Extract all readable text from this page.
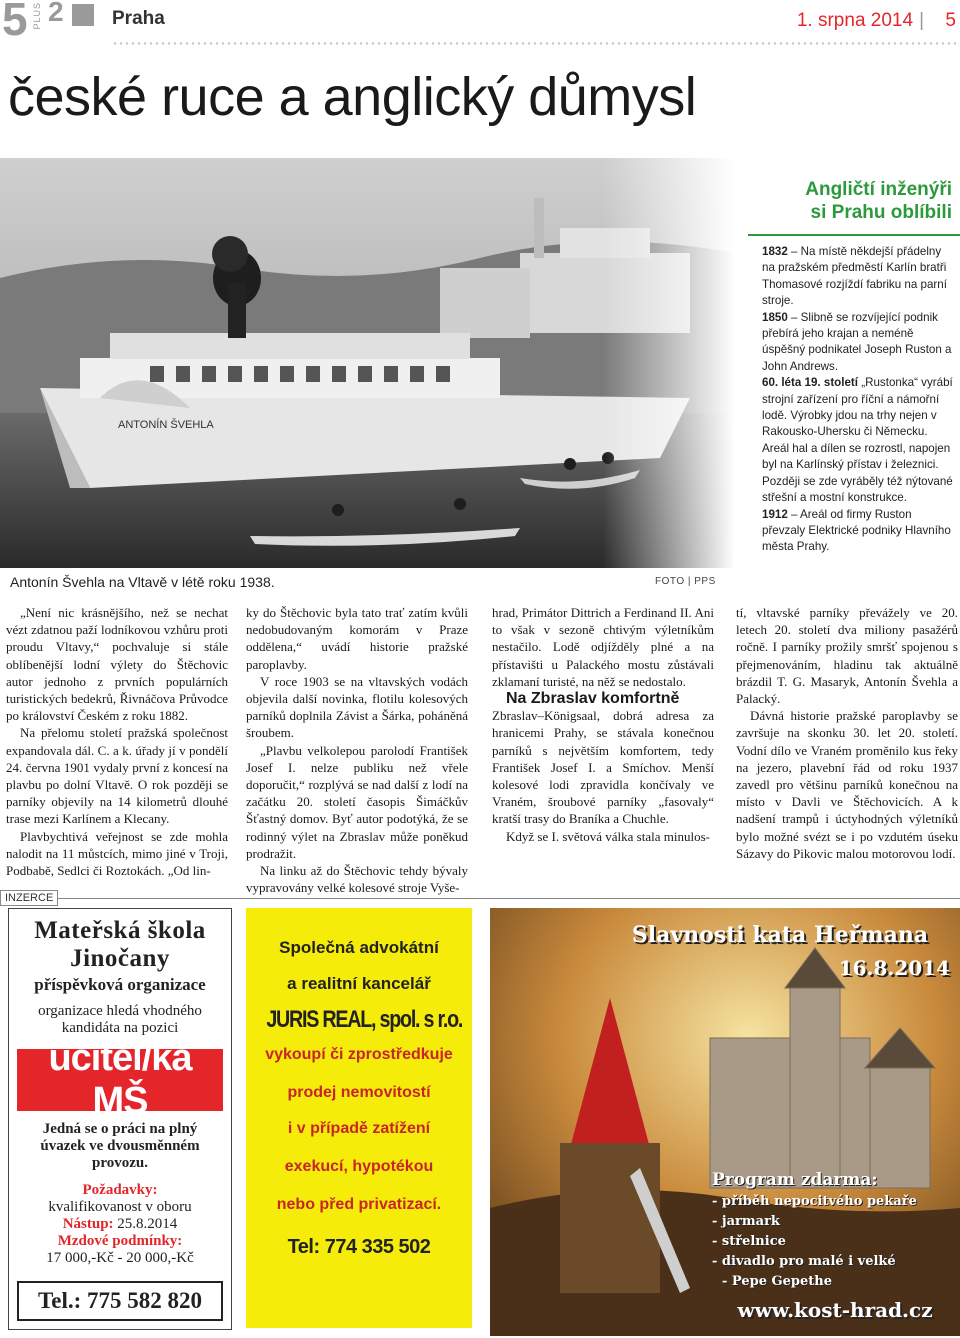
5 PLUS 2	Praha	1. srpna 2014 |	5
české ruce a anglický důmysl
Antonín Švehla na Vltavě v létě roku 1938.	FOTO | PPS
Angličtí inženýři
si Prahu oblíbili
1832 – Na místě někdejší přádelny na pražském předměstí Karlín bratři Thomasové rozjíždí fabriku na parní stroje.
1850 – Slibně se rozvíjející podnik přebírá jeho krajan a neméně úspěšný podnikatel Joseph Ruston a John Andrews.
60. léta 19. století „Rustonka“ vyrábí strojní zařízení pro říční a námořní lodě. Výrobky jdou na trhy nejen v Rakousko-Uhersku či Německu. Areál hal a dílen se rozrostl, napojen byl na Karlínský přístav i železnici. Později se zde vyráběly též nýtované střešní a mostní konstrukce.
1912 – Areál od firmy Ruston převzaly Elektrické podniky Hlavního města Prahy.

„Není nic krásnějšího, než se nechat vézt zdatnou paží lodníkovou vzhůru proti proudu Vltavy,“ pochvaluje si stále oblíbenější lodní výlety do Štěchovic autor jednoho z prvních populárních turistických bedekrů, Řivnáčova Průvodce po království Českém z roku 1882.

Na přelomu století pražská společnost expandovala dál. C. a k. úřady jí v pondělí 24. června 1901 vydaly první z koncesí na plavbu po dolní Vltavě. O rok později se parníky objevily na 14 kilometrů dlouhé trase mezi Karlínem a Klecany.

Plavbychtivá veřejnost se zde mohla nalodit na 11 můstcích, mimo jiné v Troji, Podbabě, Sedlci či Roztokách. „Od lin-

ky do Štěchovic byla tato trať zatím kvůli nedobudovaným komorám v Praze oddělena,“ uvádí historie pražské paroplavby.

V roce 1903 se na vltavských vodách objevila další novinka, flotilu kolesových parníků doplnila Závist a Šárka, poháněná šroubem.

„Plavbu velkolepou parolodí František Josef I. nelze publiku než vřele doporučit,“ rozplývá se nad další z lodí na začátku 20. století časopis Šimáčkův Šťastný domov. Byť autor podotýká, že se rodinný výlet na Zbraslav může poněkud prodražit.

Na linku až do Štěchovic tehdy bývaly vypravovány velké kolesové stroje Vyše-

hrad, Primátor Dittrich a Ferdinand II. Ani to však v sezoně chtivým výletníkům nestačilo. Lodě odjížděly plné a na přístavišti u Palackého mostu zůstávali zklamaní turisté, na něž se nedostalo.

Na Zbraslav komfortně

Zbraslav–Königsaal, dobrá adresa za hranicemi Prahy, se stávala konečnou parníků s největším komfortem, tedy František Josef I. a Smíchov. Menší kolesové lodi zpravidla končívaly ve Vraném, šroubové parníky „fasovaly“ kratší trasy do Braníka a Chuchle.

Když se I. světová válka stala minulos-

tí, vltavské parníky převážely ve 20. letech 20. století dva miliony pasažérů ročně. I parníky prožily smršť spojenou s přejmenováním, hladinu tak aktuálně brázdil T. G. Masaryk, Antonín Švehla a Palacký.

Dávná historie pražské paroplavby se završuje na skonku 30. let 20. století. Vodní dílo ve Vraném proměnilo kus řeky na jezero, plavební řád od roku 1937 zavedl pro většinu parníků konečnou na místo v Davli ve Štěchovicích. A k nadšení trampů i úctyhodných výletníků bylo možné svézt se i po vzdutém úseku Sázavy do Pikovic malou motorovou lodí.

INZERCE
Mateřská škola
Jinočany
příspěvková organizace
organizace hledá vhodného
kandidáta na pozici
učitel/ka MŠ
Jedná se o práci na plný
úvazek ve dvousměnném
provozu.
Požadavky:
kvalifikovanost v oboru
Nástup: 25.8.2014
Mzdové podmínky:
17 000,-Kč - 20 000,-Kč
Tel.: 775 582 820
Společná advokátní
a realitní kancelář
JURIS REAL, spol. s r.o.
vykoupí či zprostředkuje
prodej nemovitostí
i v případě zatížení
exekucí, hypotékou
nebo před privatizací.
Tel: 774 335 502
Slavnosti kata Heřmana
16.8.2014
Program zdarma:
- příběh nepocitvého pekaře
- jarmark
- střelnice
- divadlo pro malé i velké
- Pepe Gepethe
www.kost-hrad.cz
